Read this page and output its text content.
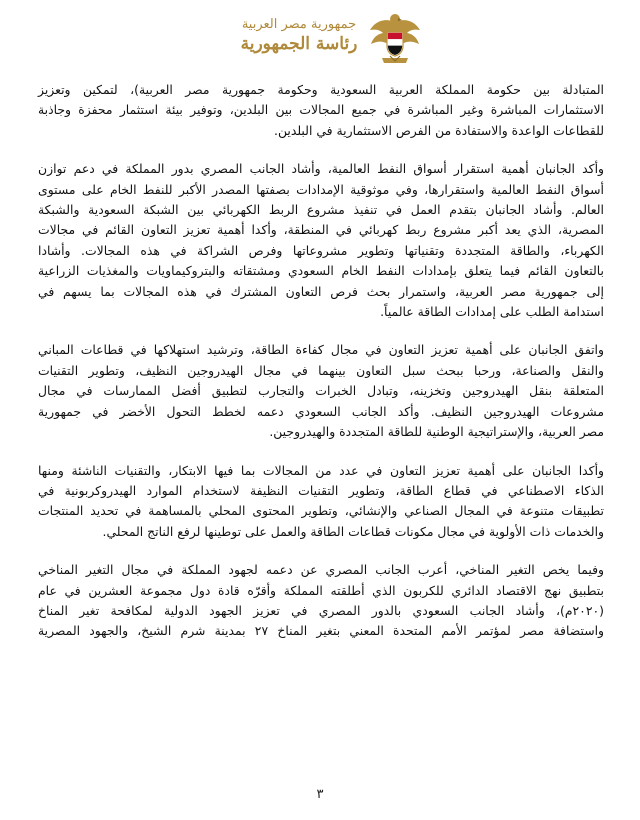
جمهورية مصر العربية
رئاسة الجمهورية

المتبادلة بين حكومة المملكة العربية السعودية وحكومة جمهورية مصر العربية)، لتمكين وتعزيز
الاستثمارات المباشرة وغير المباشرة في جميع المجالات بين البلدين، وتوفير بيئة استثمار محفزة وجاذبة
للقطاعات الواعدة والاستفادة من الفرص الاستثمارية في البلدين.

وأكد الجانبان أهمية استقرار أسواق النفط العالمية، وأشاد الجانب المصري بدور المملكة في دعم توازن
أسواق النفط العالمية واستقرارها، وفي موثوقية الإمدادات بصفتها المصدر الأكبر للنفط الخام على مستوى
العالم. وأشاد الجانبان بتقدم العمل في تنفيذ مشروع الربط الكهربائي بين الشبكة السعودية والشبكة
المصرية، الذي يعد أكبر مشروع ربط كهربائي في المنطقة، وأكدا أهمية تعزيز التعاون القائم في مجالات
الكهرباء، والطاقة المتجددة وتقنياتها وتطوير مشروعاتها وفرص الشراكة في هذه المجالات. وأشادا
بالتعاون القائم فيما يتعلق بإمدادات النفط الخام السعودي ومشتقاته والبتروكيماويات والمغذيات الزراعية
إلى جمهورية مصر العربية، واستمرار بحث فرص التعاون المشترك في هذه المجالات بما يسهم في
استدامة الطلب على إمدادات الطاقة عالمياً.

واتفق الجانبان على أهمية تعزيز التعاون في مجال كفاءة الطاقة، وترشيد استهلاكها في قطاعات المباني
والنقل والصناعة، ورحبا ببحث سبل التعاون بينهما في مجال الهيدروجين النظيف، وتطوير التقنيات
المتعلقة بنقل الهيدروجين وتخزينه، وتبادل الخبرات والتجارب لتطبيق أفضل الممارسات في مجال
مشروعات الهيدروجين النظيف. وأكد الجانب السعودي دعمه لخطط التحول الأخضر في جمهورية
مصر العربية، والإستراتيجية الوطنية للطاقة المتجددة والهيدروجين.

وأكدا الجانبان على أهمية تعزيز التعاون في عدد من المجالات بما فيها الابتكار، والتقنيات الناشئة ومنها
الذكاء الاصطناعي في قطاع الطاقة، وتطوير التقنيات النظيفة لاستخدام الموارد الهيدروكربونية في
تطبيقات متنوعة في المجال الصناعي والإنشائي، وتطوير المحتوى المحلي بالمساهمة في تحديد المنتجات
والخدمات ذات الأولوية في مجال مكونات قطاعات الطاقة والعمل على توطينها لرفع الناتج المحلي.

وفيما يخص التغير المناخي، أعرب الجانب المصري عن دعمه لجهود المملكة في مجال التغير المناخي
بتطبيق نهج الاقتصاد الدائري للكربون الذي أطلقته المملكة وأقرّه قادة دول مجموعة العشرين في عام
(٢٠٢٠م)، وأشاد الجانب السعودي بالدور المصري في تعزيز الجهود الدولية لمكافحة تغير المناخ
واستضافة مصر لمؤتمر الأمم المتحدة المعني بتغير المناخ ٢٧ بمدينة شرم الشيخ، والجهود المصرية

٣
